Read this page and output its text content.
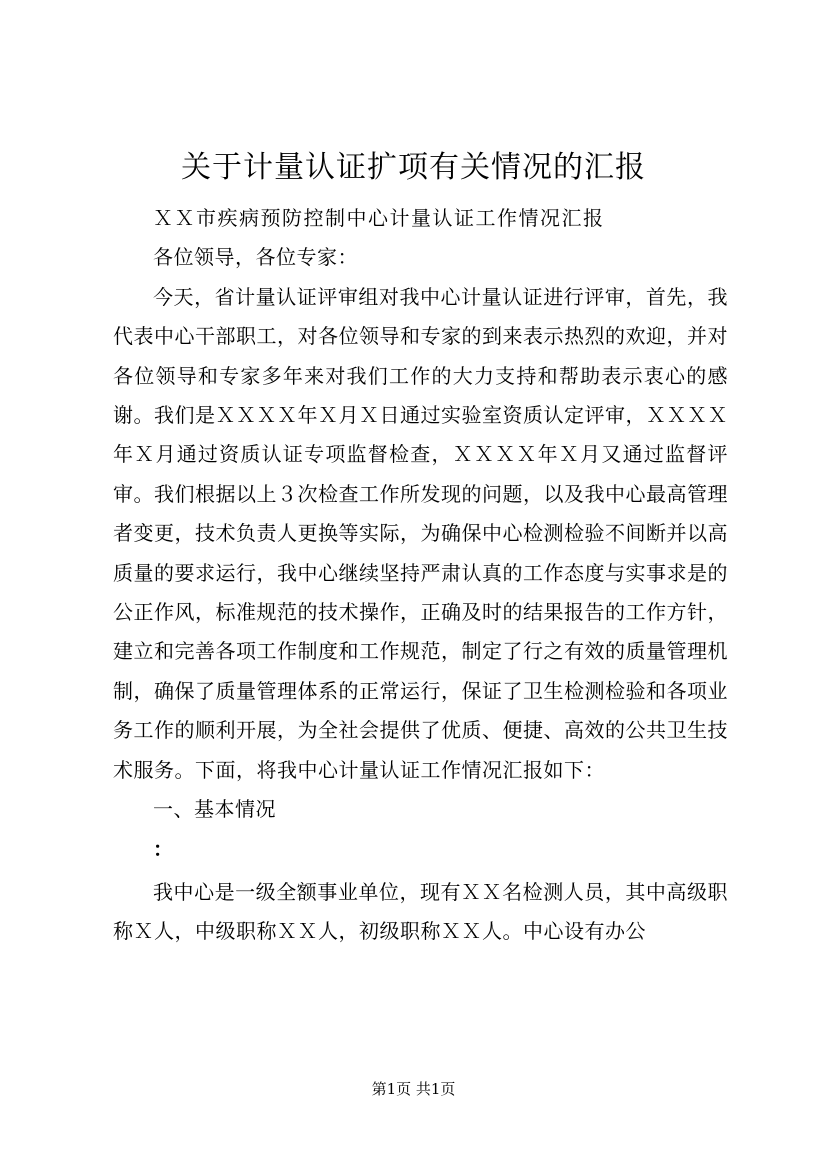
关于计量认证扩项有关情况的汇报

ＸＸ市疾病预防控制中心计量认证工作情况汇报

各位领导，各位专家：

今天，省计量认证评审组对我中心计量认证进行评审，首先，我代表中心干部职工，对各位领导和专家的到来表示热烈的欢迎，并对各位领导和专家多年来对我们工作的大力支持和帮助表示衷心的感谢。我们是ＸＸＸＸ年Ｘ月Ｘ日通过实验室资质认定评审，ＸＸＸＸ年Ｘ月通过资质认证专项监督检查，ＸＸＸＸ年Ｘ月又通过监督评审。我们根据以上３次检查工作所发现的问题，以及我中心最高管理者变更，技术负责人更换等实际，为确保中心检测检验不间断并以高质量的要求运行，我中心继续坚持严肃认真的工作态度与实事求是的公正作风，标准规范的技术操作，正确及时的结果报告的工作方针，建立和完善各项工作制度和工作规范，制定了行之有效的质量管理机制，确保了质量管理体系的正常运行，保证了卫生检测检验和各项业务工作的顺利开展，为全社会提供了优质、便捷、高效的公共卫生技术服务。下面，将我中心计量认证工作情况汇报如下：

一、基本情况

：

我中心是一级全额事业单位，现有ＸＸ名检测人员，其中高级职称Ｘ人，中级职称ＸＸ人，初级职称ＸＸ人。中心设有办公

第1页 共1页
